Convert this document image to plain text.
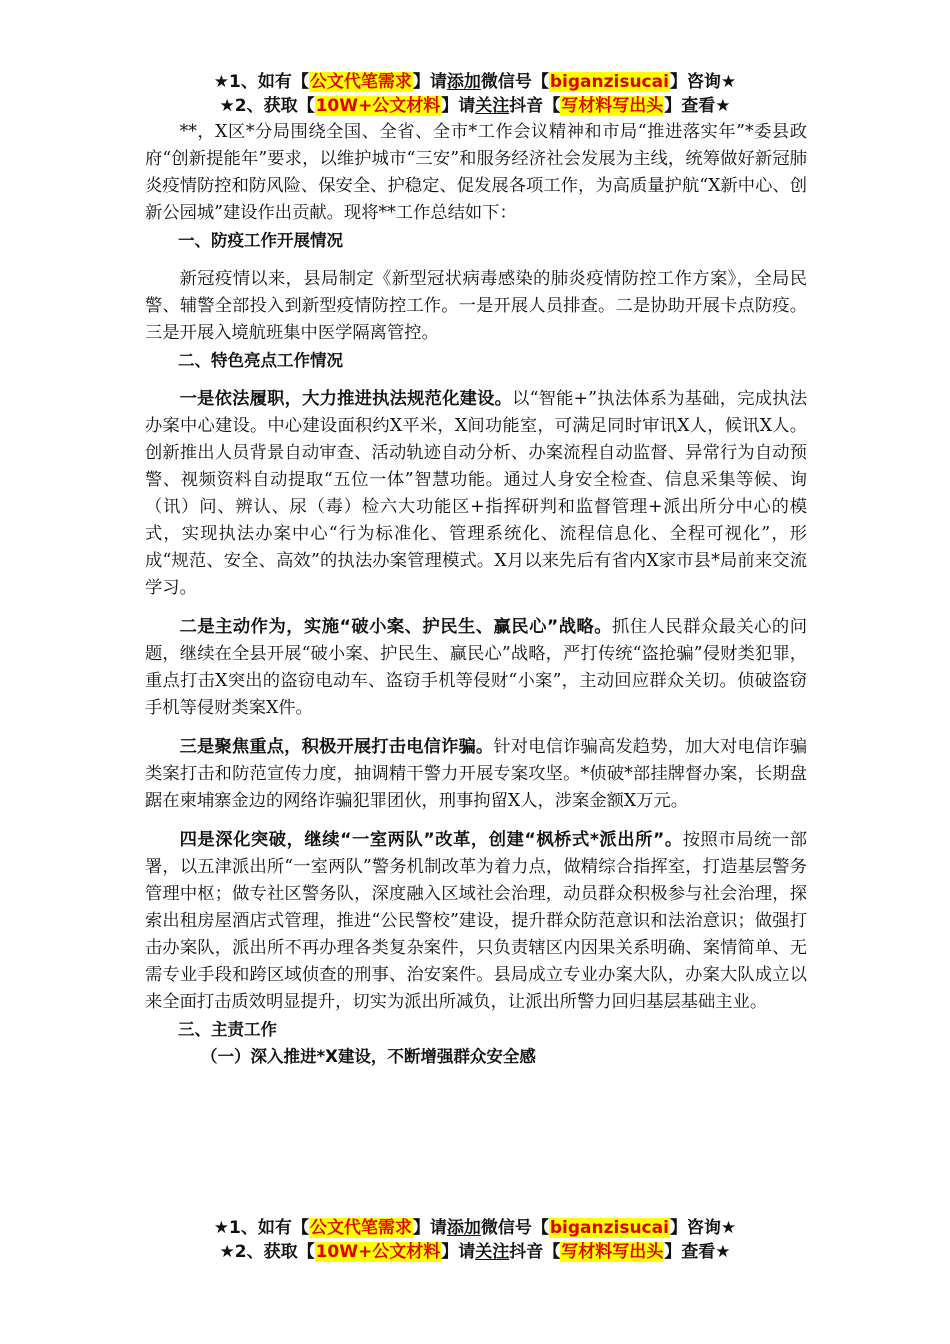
★1、如有【公文代笔需求】请添加微信号【biganzisucai】咨询★
★2、获取【10W+公文材料】请关注抖音【写材料写出头】查看★

**，X区*分局围绕全国、全省、全市*工作会议精神和市局“推进落实年”*委县政府“创新提能年”要求，以维护城市“三安”和服务经济社会发展为主线，统筹做好新冠肺炎疫情防控和防风险、保安全、护稳定、促发展各项工作，为高质量护航“X新中心、创新公园城”建设作出贡献。现将**工作总结如下：

一、防疫工作开展情况

新冠疫情以来，县局制定《新型冠状病毒感染的肺炎疫情防控工作方案》，全局民警、辅警全部投入到新型疫情防控工作。一是开展人员排查。二是协助开展卡点防疫。三是开展入境航班集中医学隔离管控。

二、特色亮点工作情况

一是依法履职，大力推进执法规范化建设。以“智能+”执法体系为基础，完成执法办案中心建设。中心建设面积约X平米，X间功能室，可满足同时审讯X人，候讯X人。创新推出人员背景自动审查、活动轨迹自动分析、办案流程自动监督、异常行为自动预警、视频资料自动提取“五位一体”智慧功能。通过人身安全检查、信息采集等候、询（讯）问、辨认、尿（毒）检六大功能区+指挥研判和监督管理+派出所分中心的模式，实现执法办案中心“行为标准化、管理系统化、流程信息化、全程可视化”，形成“规范、安全、高效”的执法办案管理模式。X月以来先后有省内X家市县*局前来交流学习。

二是主动作为，实施“破小案、护民生、赢民心”战略。抓住人民群众最关心的问题，继续在全县开展“破小案、护民生、赢民心”战略，严打传统“盗抢骗”侵财类犯罪，重点打击X突出的盗窃电动车、盗窃手机等侵财“小案”，主动回应群众关切。侦破盗窃手机等侵财类案X件。

三是聚焦重点，积极开展打击电信诈骗。针对电信诈骗高发趋势，加大对电信诈骗类案打击和防范宣传力度，抽调精干警力开展专案攻坚。*侦破*部挂牌督办案，长期盘踞在柬埔寨金边的网络诈骗犯罪团伙，刑事拘留X人，涉案金额X万元。

四是深化突破，继续“一室两队”改革，创建“枫桥式*派出所”。按照市局统一部署，以五津派出所“一室两队”警务机制改革为着力点，做精综合指挥室，打造基层警务管理中枢；做专社区警务队，深度融入区域社会治理，动员群众积极参与社会治理，探索出租房屋酒店式管理，推进“公民警校”建设，提升群众防范意识和法治意识；做强打击办案队，派出所不再办理各类复杂案件，只负责辖区内因果关系明确、案情简单、无需专业手段和跨区域侦查的刑事、治安案件。县局成立专业办案大队，办案大队成立以来全面打击质效明显提升，切实为派出所减负，让派出所警力回归基层基础主业。

三、主责工作

（一）深入推进*X建设，不断增强群众安全感

★1、如有【公文代笔需求】请添加微信号【biganzisucai】咨询★
★2、获取【10W+公文材料】请关注抖音【写材料写出头】查看★
